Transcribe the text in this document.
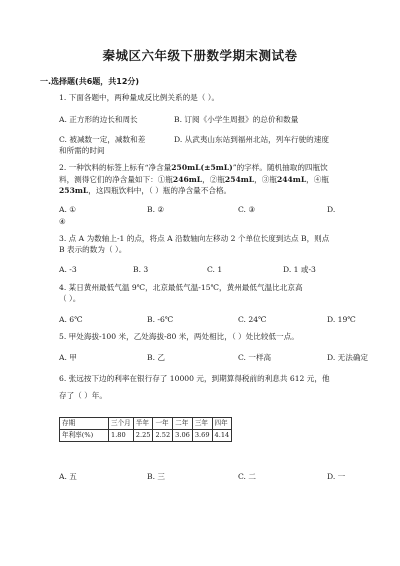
秦城区六年级下册数学期末测试卷
一.选择题(共6题，共12分)
1. 下面各题中，两种量成反比例关系的是（ ）。
A. 正方形的边长和周长	B. 订阅《小学生周报》的总价和数量
C. 被减数一定，减数和差	D. 从武夷山东站到福州北站，列车行驶的速度
和所需的时间
2. 一种饮料的标签上标有“净含量250mL(±5mL)”的字样。随机抽取的四瓶饮
料，测得它们的净含量如下：①瓶246mL，②瓶254mL，③瓶244mL，④瓶
253mL，这四瓶饮料中，（ ）瓶的净含量不合格。
A. ①	B. ②	C. ③	D.
④
3. 点 A 为数轴上-1 的点，将点 A 沿数轴向左移动 2 个单位长度到达点 B，则点
B 表示的数为（ ）。
A. -3	B. 3	C. 1	D. 1 或-3
4. 某日黄州最低气温 9℃，北京最低气温-15℃，黄州最低气温比北京高
（ ）。
A. 6℃	B. -6℃	C. 24℃	D. 19℃
5. 甲处海拔-100 米，乙处海拔-80 米，两处相比，（ ）处比较低一点。
A. 甲	B. 乙	C. 一样高	D. 无法确定
6. 张远按下边的利率在银行存了 10000 元，到期算得税前的利息共 612 元，他
存了（ ）年。
存期	三个月	半年	一年	二年	三年	四年
年利率(%)	1.80	2.25	2.52	3.06	3.69	4.14
A. 五	B. 三	C. 二	D. 一
